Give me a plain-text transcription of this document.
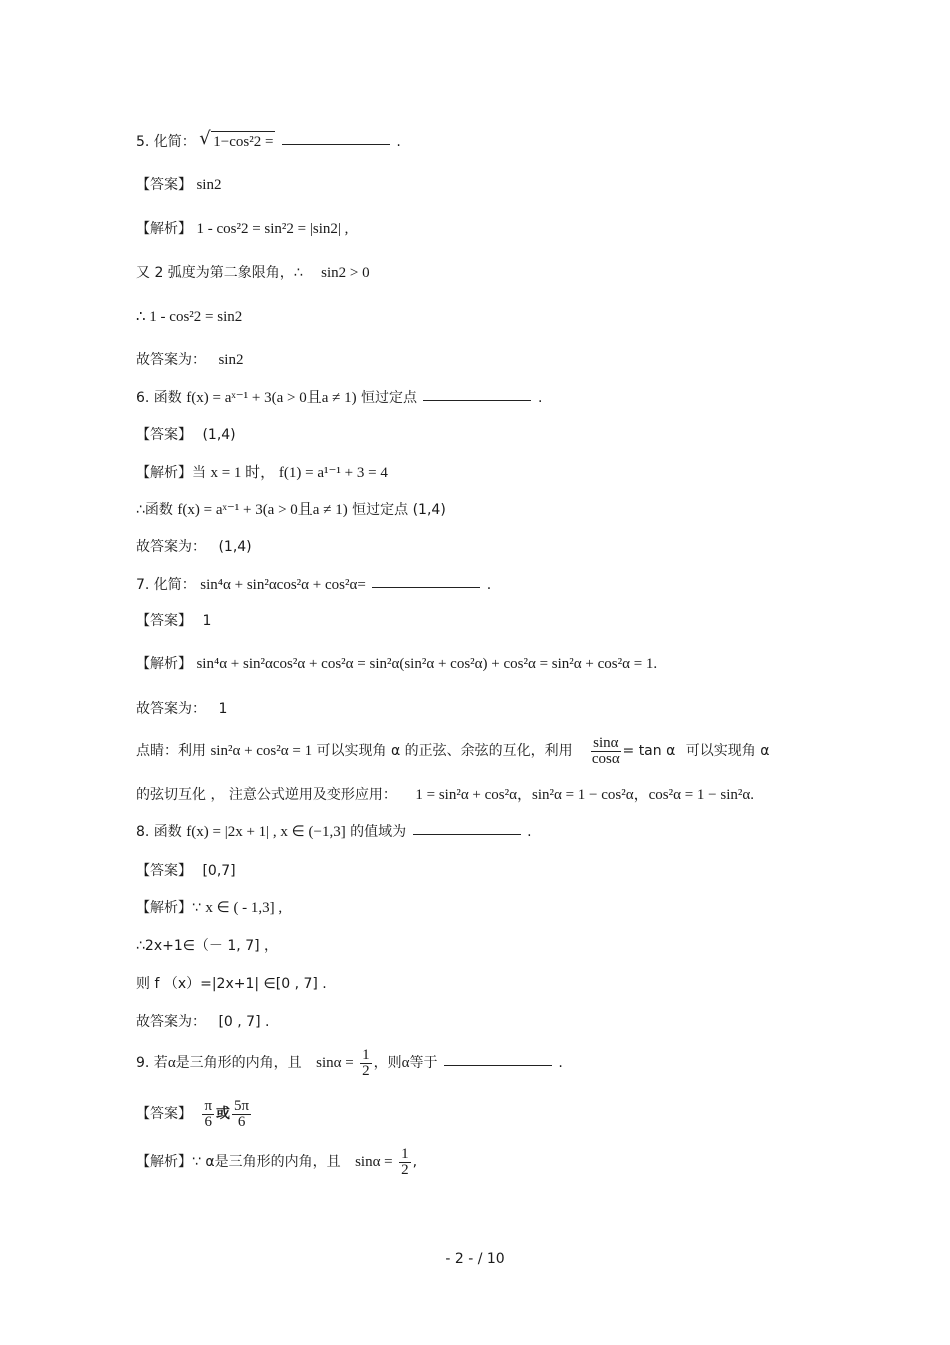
5. 化简： √ 1−cos²2 =	.
【答案】 sin2
【解析】 1 - cos²2 = sin²2 = |sin2| ,
又 2 弧度为第二象限角，∴ sin2 > 0
∴ 1 - cos²2 = sin2
故答案为： sin2
6. 函数 f(x) = aˣ⁻¹ + 3(a > 0且a ≠ 1) 恒过定点	.
【答案】 (1,4)
【解析】当 x = 1 时， f(1) = a¹⁻¹ + 3 = 4
∴函数 f(x) = aˣ⁻¹ + 3(a > 0且a ≠ 1) 恒过定点 (1,4)
故答案为： (1,4)
7. 化简： sin⁴α + sin²αcos²α + cos²α=	.
【答案】 1
【解析】 sin⁴α + sin²αcos²α + cos²α = sin²α(sin²α + cos²α) + cos²α = sin²α + cos²α = 1.
故答案为： 1
点睛：利用 sin²α + cos²α = 1 可以实现角 α 的正弦、余弦的互化，利用 $\frac{\sin\alpha}{\cos\alpha} = \tan \alpha$ 可以实现角 α
的弦切互化 ， 注意公式逆用及变形应用： 1 = sin²α + cos²α，sin²α = 1 − cos²α，cos²α = 1 − sin²α.
8. 函数 f(x) = |2x + 1| , x ∈ (−1,3] 的值域为	.
【答案】 [0,7]
【解析】∵ x ∈ ( - 1,3] ,
∴2x+1∈（－ 1, 7] ，
则 f （x）=|2x+1| ∈[0 , 7] .
故答案为： [0 , 7] .
9. 若α是三角形的内角，且 $\sin\alpha = \frac{1}{2}$ ，则α等于	.
【答案】 $\frac{\pi}{6}$ 或 $\frac{5\pi}{6}$
【解析】∵ α是三角形的内角，且 $\sin\alpha = \frac{1}{2}$ ,
- 2 - / 10
